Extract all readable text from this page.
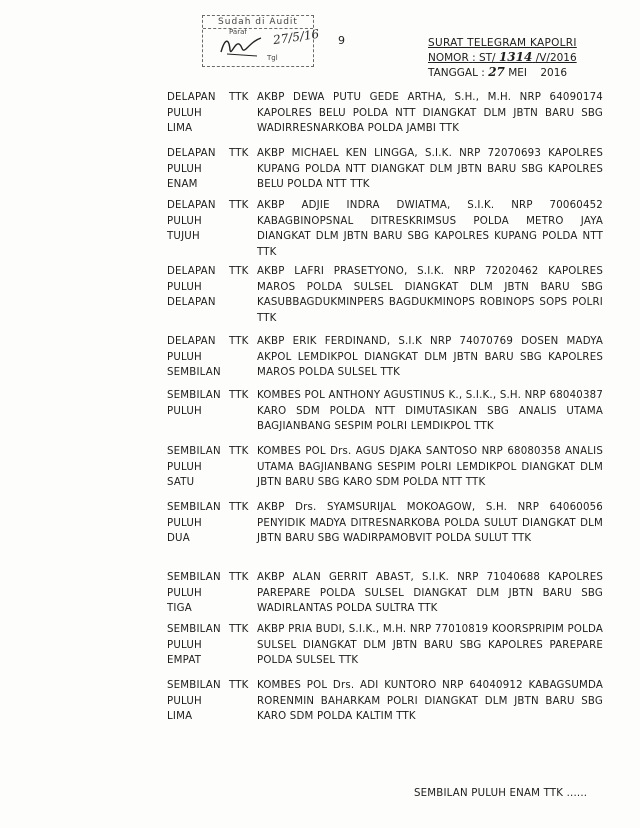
Sudah di Audit
Paraf 27/5/16
Tgl
9	SURAT TELEGRAM KAPOLRI
NOMOR : ST/ 1314 /V/2016
TANGGAL : 27 MEI    2016
DELAPAN
PULUH
LIMA
TTK AKBP DEWA PUTU GEDE ARTHA, S.H., M.H. NRP 64090174 KAPOLRES BELU POLDA NTT DIANGKAT DLM JBTN BARU SBG WADIRRESNARKOBA POLDA JAMBI TTK
DELAPAN
PULUH
ENAM
TTK AKBP MICHAEL KEN LINGGA, S.I.K. NRP 72070693 KAPOLRES KUPANG POLDA NTT DIANGKAT DLM JBTN BARU SBG KAPOLRES BELU POLDA NTT TTK
DELAPAN
PULUH
TUJUH
TTK AKBP ADJIE INDRA DWIATMA, S.I.K. NRP 70060452 KABAGBINOPSNAL DITRESKRIMSUS POLDA METRO JAYA DIANGKAT DLM JBTN BARU SBG KAPOLRES KUPANG POLDA NTT TTK
DELAPAN
PULUH
DELAPAN
TTK AKBP LAFRI PRASETYONO, S.I.K. NRP 72020462 KAPOLRES MAROS POLDA SULSEL DIANGKAT DLM JBTN BARU SBG KASUBBAGDUKMINPERS BAGDUKMINOPS ROBINOPS SOPS POLRI TTK
DELAPAN
PULUH
SEMBILAN
TTK AKBP ERIK FERDINAND, S.I.K NRP 74070769 DOSEN MADYA AKPOL LEMDIKPOL DIANGKAT DLM JBTN BARU SBG KAPOLRES MAROS POLDA SULSEL TTK
SEMBILAN
PULUH
TTK KOMBES POL ANTHONY AGUSTINUS K., S.I.K., S.H. NRP 68040387 KARO SDM POLDA NTT DIMUTASIKAN SBG ANALIS UTAMA BAGJIANBANG SESPIM POLRI LEMDIKPOL TTK
SEMBILAN
PULUH
SATU
TTK KOMBES POL Drs. AGUS DJAKA SANTOSO NRP 68080358 ANALIS UTAMA BAGJIANBANG SESPIM POLRI LEMDIKPOL DIANGKAT DLM JBTN BARU SBG KARO SDM POLDA NTT TTK
SEMBILAN
PULUH
DUA
TTK AKBP Drs. SYAMSURIJAL MOKOAGOW, S.H. NRP 64060056 PENYIDIK MADYA DITRESNARKOBA POLDA SULUT DIANGKAT DLM JBTN BARU SBG WADIRPAMOBVIT POLDA SULUT TTK
SEMBILAN
PULUH
TIGA
TTK AKBP ALAN GERRIT ABAST, S.I.K. NRP 71040688 KAPOLRES PAREPARE POLDA SULSEL DIANGKAT DLM JBTN BARU SBG WADIRLANTAS POLDA SULTRA TTK
SEMBILAN
PULUH
EMPAT
TTK AKBP PRIA BUDI, S.I.K., M.H. NRP 77010819 KOORSPRIPIM POLDA SULSEL DIANGKAT DLM JBTN BARU SBG KAPOLRES PAREPARE POLDA SULSEL TTK
SEMBILAN
PULUH
LIMA
TTK KOMBES POL Drs. ADI KUNTORO NRP 64040912 KABAGSUMDA RORENMIN BAHARKAM POLRI DIANGKAT DLM JBTN BARU SBG KARO SDM POLDA KALTIM TTK
SEMBILAN PULUH ENAM TTK ......
